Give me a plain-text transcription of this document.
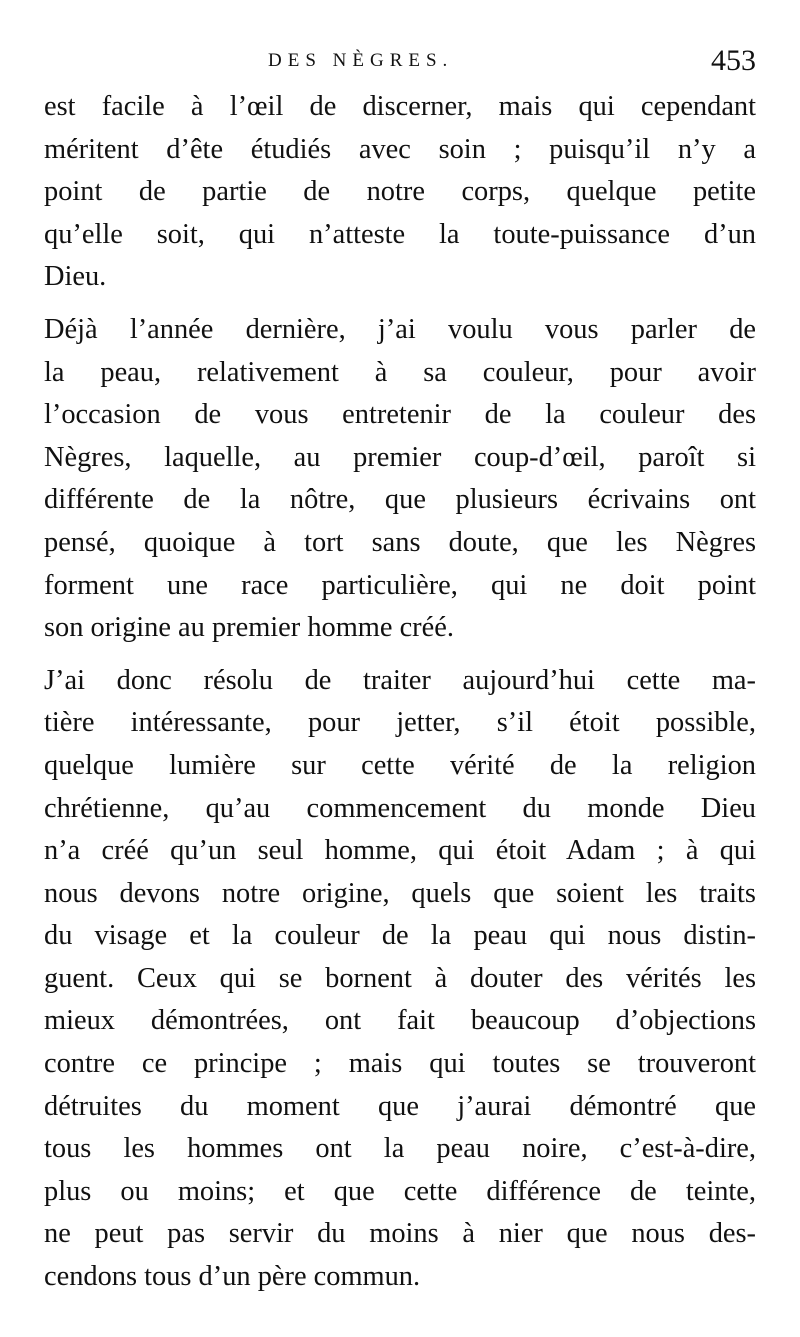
DES NÈGRES.	453
est facile à l’œil de discerner, mais qui cependant
méritent d’ête étudiés avec soin ; puisqu’il n’y a
point de partie de notre corps, quelque petite
qu’elle soit, qui n’atteste la toute-puissance d’un
Dieu.
Déjà l’année dernière, j’ai voulu vous parler de
la peau, relativement à sa couleur, pour avoir
l’occasion de vous entretenir de la couleur des
Nègres, laquelle, au premier coup-d’œil, paroît si
différente de la nôtre, que plusieurs écrivains ont
pensé, quoique à tort sans doute, que les Nègres
forment une race particulière, qui ne doit point
son origine au premier homme créé.
J’ai donc résolu de traiter aujourd’hui cette ma-
tière intéressante, pour jetter, s’il étoit possible,
quelque lumière sur cette vérité de la religion
chrétienne, qu’au commencement du monde Dieu
n’a créé qu’un seul homme, qui étoit Adam ; à qui
nous devons notre origine, quels que soient les traits
du visage et la couleur de la peau qui nous distin-
guent. Ceux qui se bornent à douter des vérités les
mieux démontrées, ont fait beaucoup d’objections
contre ce principe ; mais qui toutes se trouveront
détruites du moment que j’aurai démontré que
tous les hommes ont la peau noire, c’est-à-dire,
plus ou moins; et que cette différence de teinte,
ne peut pas servir du moins à nier que nous des-
cendons tous d’un père commun.
